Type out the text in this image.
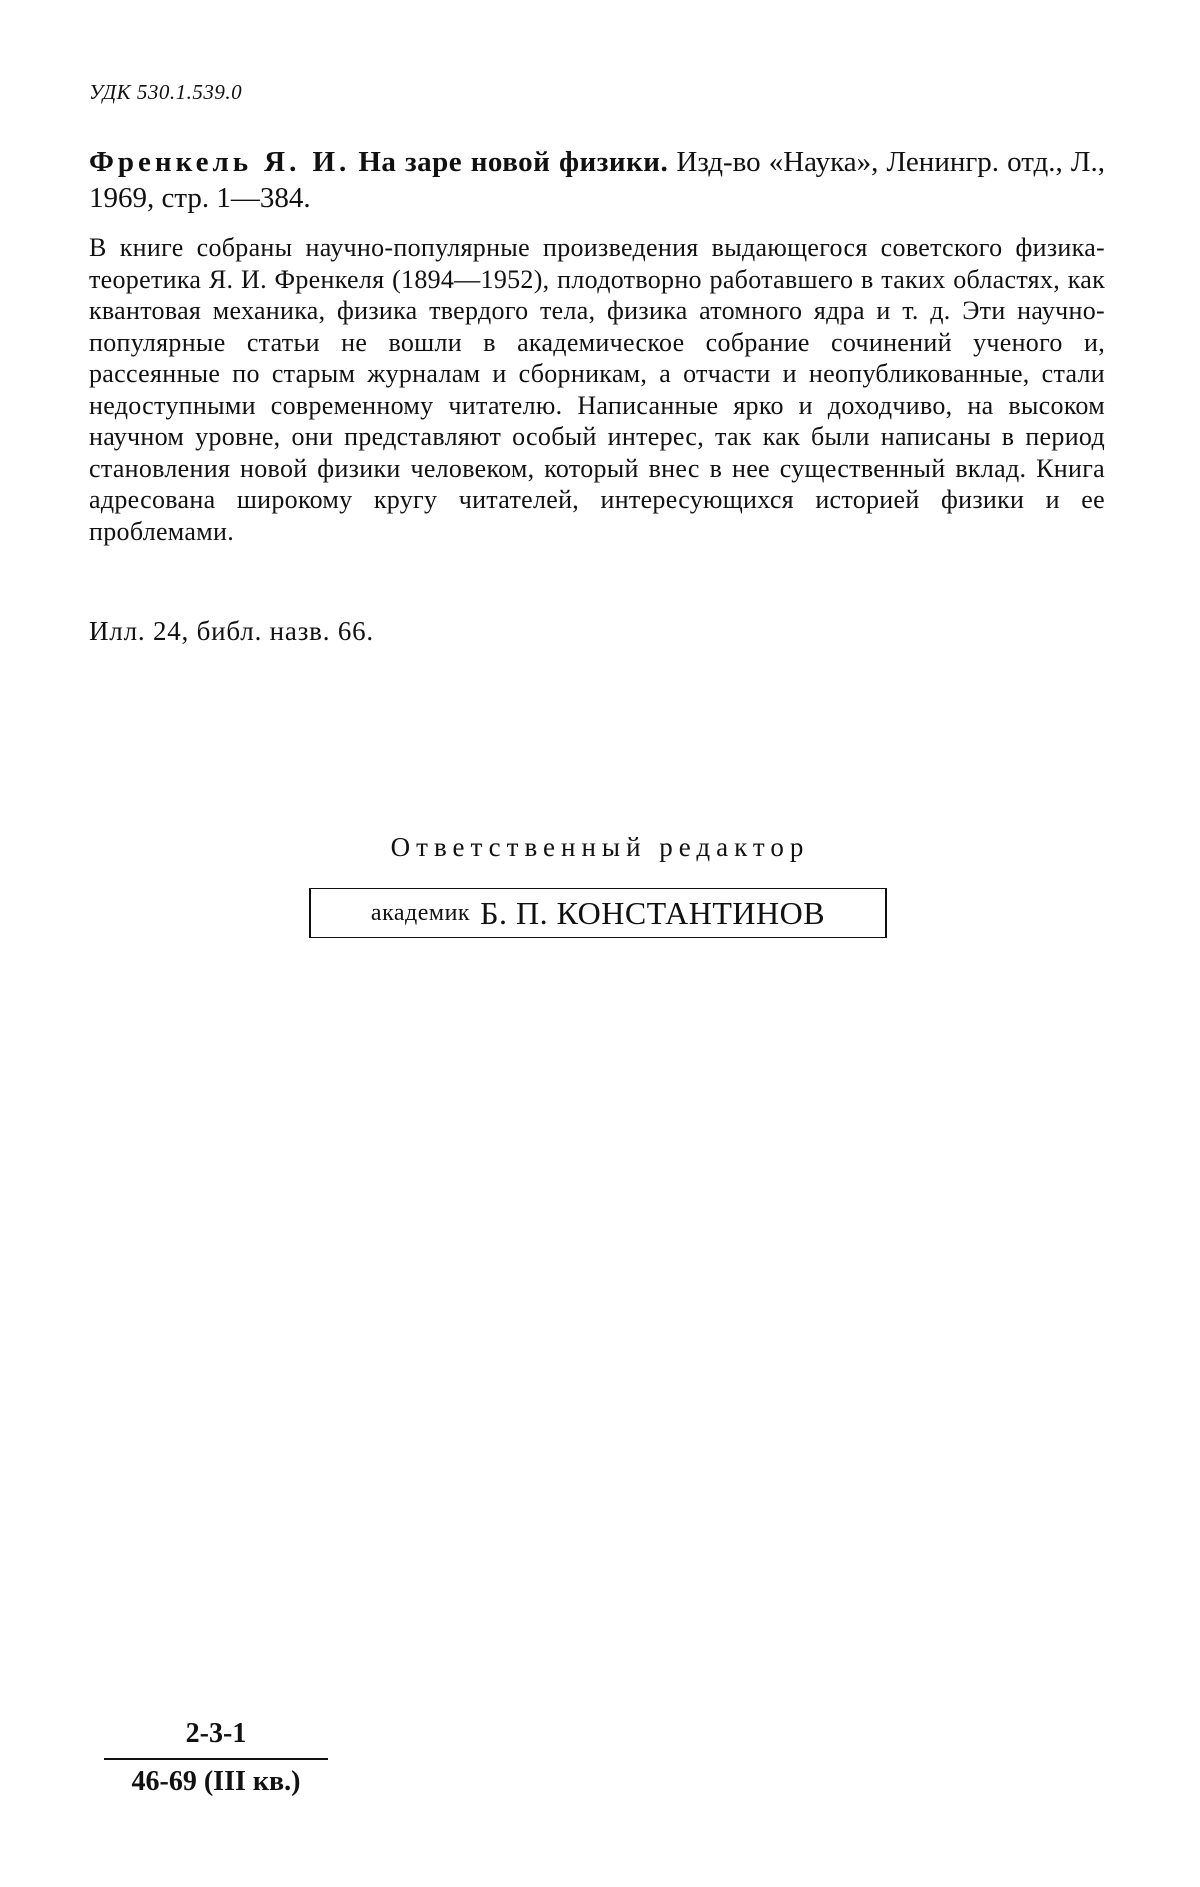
УДК 530.1.539.0
Френкель Я. И. На заре новой физики. Изд-во «Наука», Ленингр. отд., Л., 1969, стр. 1—384.
В книге собраны научно-популярные произведения выдающегося советского физика-теоретика Я. И. Френкеля (1894—1952), плодотворно работавшего в таких областях, как квантовая механика, физика твердого тела, физика атомного ядра и т. д. Эти научно-популярные статьи не вошли в академическое собрание сочинений ученого и, рассеянные по старым журналам и сборникам, а отчасти и неопубликованные, стали недоступными современному читателю. Написанные ярко и доходчиво, на высоком научном уровне, они представляют особый интерес, так как были написаны в период становления новой физики человеком, который внес в нее существенный вклад. Книга адресована широкому кругу читателей, интересующихся историей физики и ее проблемами.
Илл. 24, библ. назв. 66.
Ответственный редактор
академик Б. П. КОНСТАНТИНОВ
2-3-1
46-69 (III кв.)
